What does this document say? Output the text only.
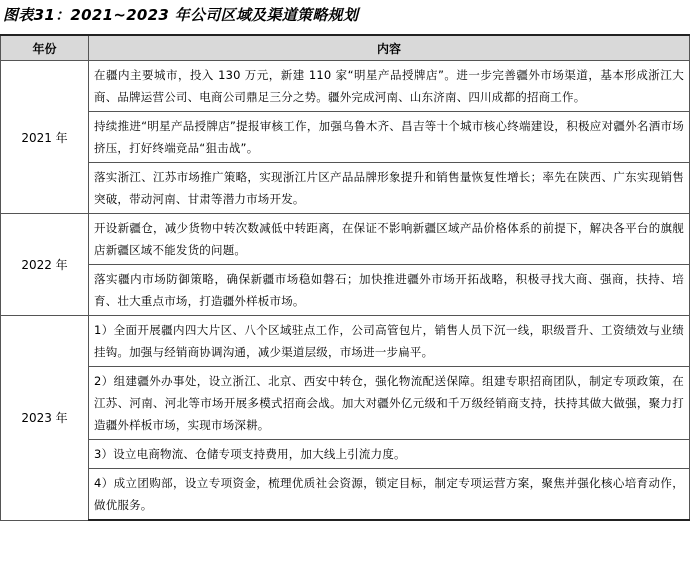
图表31：2021~2023 年公司区域及渠道策略规划
年份	内容
2021 年	在疆内主要城市，投入 130 万元，新建 110 家“明星产品授牌店”。进一步完善疆外市场渠道，基本形成浙江大商、品牌运营公司、电商公司鼎足三分之势。疆外完成河南、山东济南、四川成都的招商工作。
	持续推进“明星产品授牌店”提报审核工作，加强乌鲁木齐、昌吉等十个城市核心终端建设，积极应对疆外名酒市场挤压，打好终端竞品“狙击战”。
	落实浙江、江苏市场推广策略，实现浙江片区产品品牌形象提升和销售量恢复性增长；率先在陕西、广东实现销售突破，带动河南、甘肃等潜力市场开发。
2022 年	开设新疆仓，减少货物中转次数减低中转距离，在保证不影响新疆区域产品价格体系的前提下，解决各平台的旗舰店新疆区域不能发货的问题。
	落实疆内市场防御策略，确保新疆市场稳如磐石；加快推进疆外市场开拓战略，积极寻找大商、强商，扶持、培育、壮大重点市场，打造疆外样板市场。
2023 年	1）全面开展疆内四大片区、八个区域驻点工作，公司高管包片，销售人员下沉一线，职级晋升、工资绩效与业绩挂钩。加强与经销商协调沟通，减少渠道层级，市场进一步扁平。
	2）组建疆外办事处，设立浙江、北京、西安中转仓，强化物流配送保障。组建专职招商团队，制定专项政策，在江苏、河南、河北等市场开展多模式招商会战。加大对疆外亿元级和千万级经销商支持，扶持其做大做强，聚力打造疆外样板市场，实现市场深耕。
	3）设立电商物流、仓储专项支持费用，加大线上引流力度。
	4）成立团购部，设立专项资金，梳理优质社会资源，锁定目标，制定专项运营方案，聚焦并强化核心培育动作，做优服务。
